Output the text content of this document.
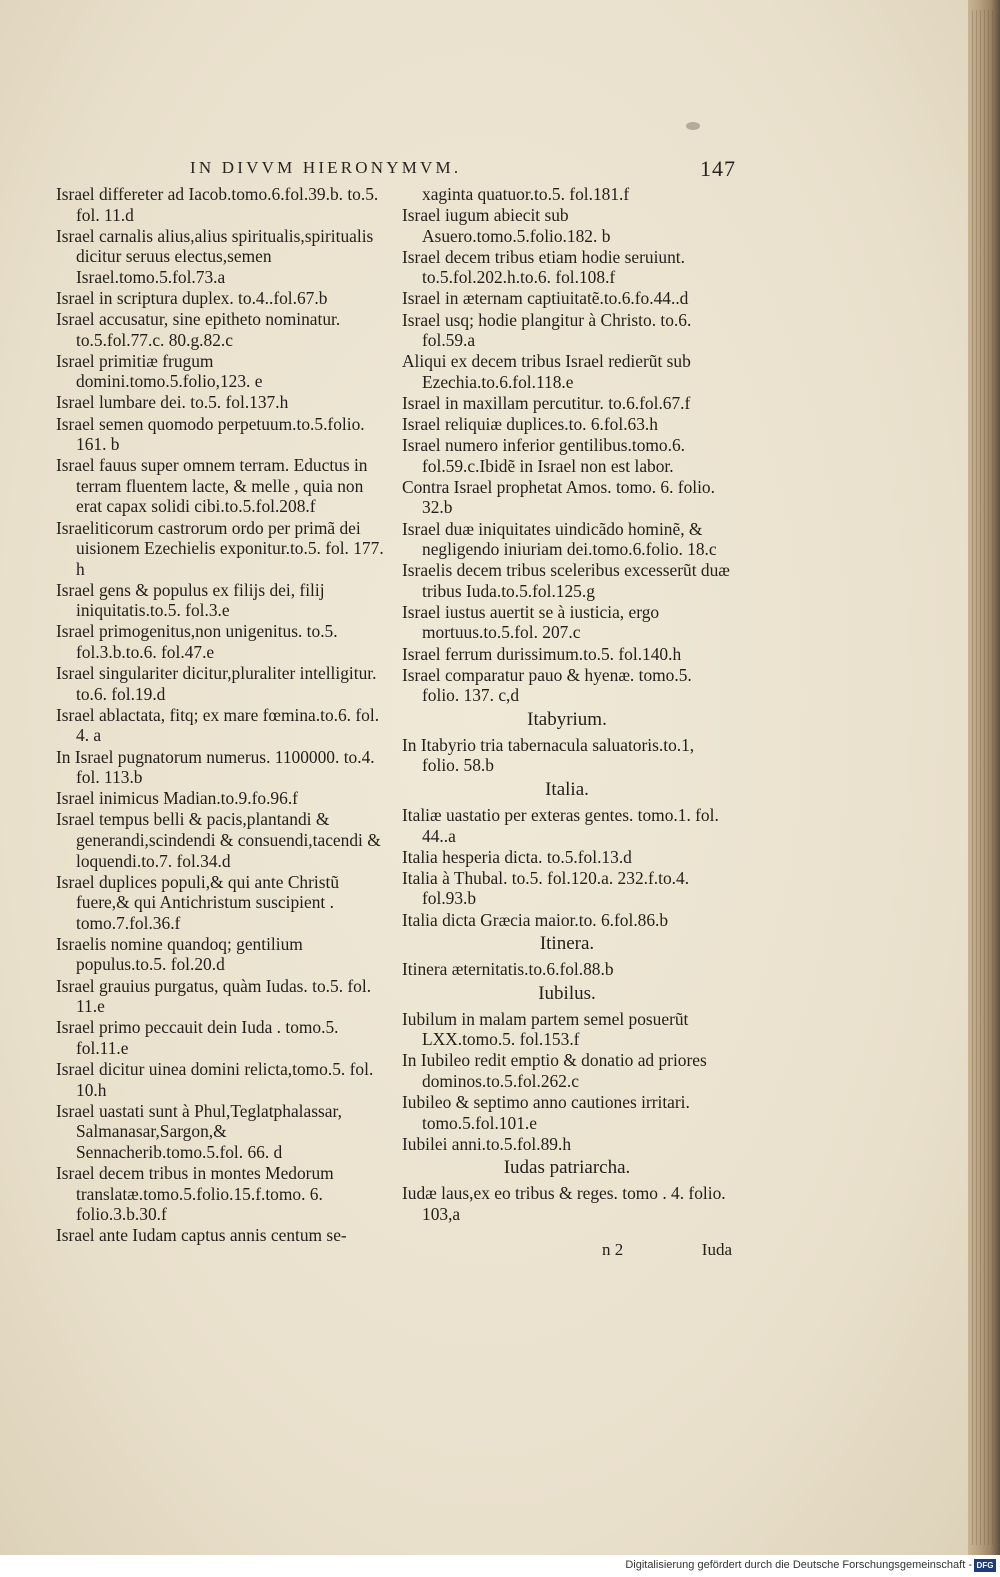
IN DIVVM HIERONYMVM.	147
Israel differeter ad Iacob.tomo.6.fol.39.b. to.5. fol. 11.d
Israel carnalis alius,alius spiritualis,spiritualis dicitur seruus electus,semen Israel.tomo.5.fol.73.a
Israel in scriptura duplex. to.4..fol.67.b
Israel accusatur, sine epitheto nominatur. to.5.fol.77.c. 80.g.82.c
Israel primitiæ frugum domini.tomo.5.folio,123. e
Israel lumbare dei. to.5. fol.137.h
Israel semen quomodo perpetuum.to.5.folio. 161. b
Israel fauus super omnem terram. Eductus in terram fluentem lacte, & melle , quia non erat capax solidi cibi.to.5.fol.208.f
Israeliticorum castrorum ordo per primã dei uisionem Ezechielis exponitur.to.5. fol. 177. h
Israel gens & populus ex filijs dei, filij iniquitatis.to.5. fol.3.e
Israel primogenitus,non unigenitus. to.5. fol.3.b.to.6. fol.47.e
Israel singulariter dicitur,pluraliter intelligitur. to.6. fol.19.d
Israel ablactata, fitq; ex mare fœmina.to.6. fol. 4. a
In Israel pugnatorum numerus. 1100000. to.4. fol. 113.b
Israel inimicus Madian.to.9.fo.96.f
Israel tempus belli & pacis,plantandi & generandi,scindendi & consuendi,tacendi & loquendi.to.7. fol.34.d
Israel duplices populi,& qui ante Christũ fuere,& qui Antichristum suscipient . tomo.7.fol.36.f
Israelis nomine quandoq; gentilium populus.to.5. fol.20.d
Israel grauius purgatus, quàm Iudas. to.5. fol. 11.e
Israel primo peccauit dein Iuda . tomo.5. fol.11.e
Israel dicitur uinea domini relicta,tomo.5. fol. 10.h
Israel uastati sunt à Phul,Teglatphalassar, Salmanasar,Sargon,& Sennacherib.tomo.5.fol. 66. d
Israel decem tribus in montes Medorum translatæ.tomo.5.folio.15.f.tomo. 6. folio.3.b.30.f
Israel ante Iudam captus annis centum se-
xaginta quatuor.to.5. fol.181.f
Israel iugum abiecit sub Asuero.tomo.5.folio.182. b
Israel decem tribus etiam hodie seruiunt. to.5.fol.202.h.to.6. fol.108.f
Israel in æternam captiuitatẽ.to.6.fo.44..d
Israel usq; hodie plangitur à Christo. to.6. fol.59.a
Aliqui ex decem tribus Israel redierũt sub Ezechia.to.6.fol.118.e
Israel in maxillam percutitur. to.6.fol.67.f
Israel reliquiæ duplices.to. 6.fol.63.h
Israel numero inferior gentilibus.tomo.6. fol.59.c.Ibidẽ in Israel non est labor.
Contra Israel prophetat Amos. tomo. 6. folio. 32.b
Israel duæ iniquitates uindicãdo hominẽ, & negligendo iniuriam dei.tomo.6.folio. 18.c
Israelis decem tribus sceleribus excesserũt duæ tribus Iuda.to.5.fol.125.g
Israel iustus auertit se à iusticia, ergo mortuus.to.5.fol. 207.c
Israel ferrum durissimum.to.5. fol.140.h
Israel comparatur pauo & hyenæ. tomo.5. folio. 137. c,d
Itabyrium.
In Itabyrio tria tabernacula saluatoris.to.1, folio. 58.b
Italia.
Italiæ uastatio per exteras gentes. tomo.1. fol. 44..a
Italia hesperia dicta. to.5.fol.13.d
Italia à Thubal. to.5. fol.120.a. 232.f.to.4. fol.93.b
Italia dicta Græcia maior.to. 6.fol.86.b
Itinera.
Itinera æternitatis.to.6.fol.88.b
Iubilus.
Iubilum in malam partem semel posuerũt LXX.tomo.5. fol.153.f
In Iubileo redit emptio & donatio ad priores dominos.to.5.fol.262.c
Iubileo & septimo anno cautiones irritari. tomo.5.fol.101.e
Iubilei anni.to.5.fol.89.h
Iudas patriarcha.
Iudæ laus,ex eo tribus & reges. tomo . 4. folio. 103,a
n 2	Iuda
Digitalisierung gefördert durch die Deutsche Forschungsgemeinschaft - DFG
